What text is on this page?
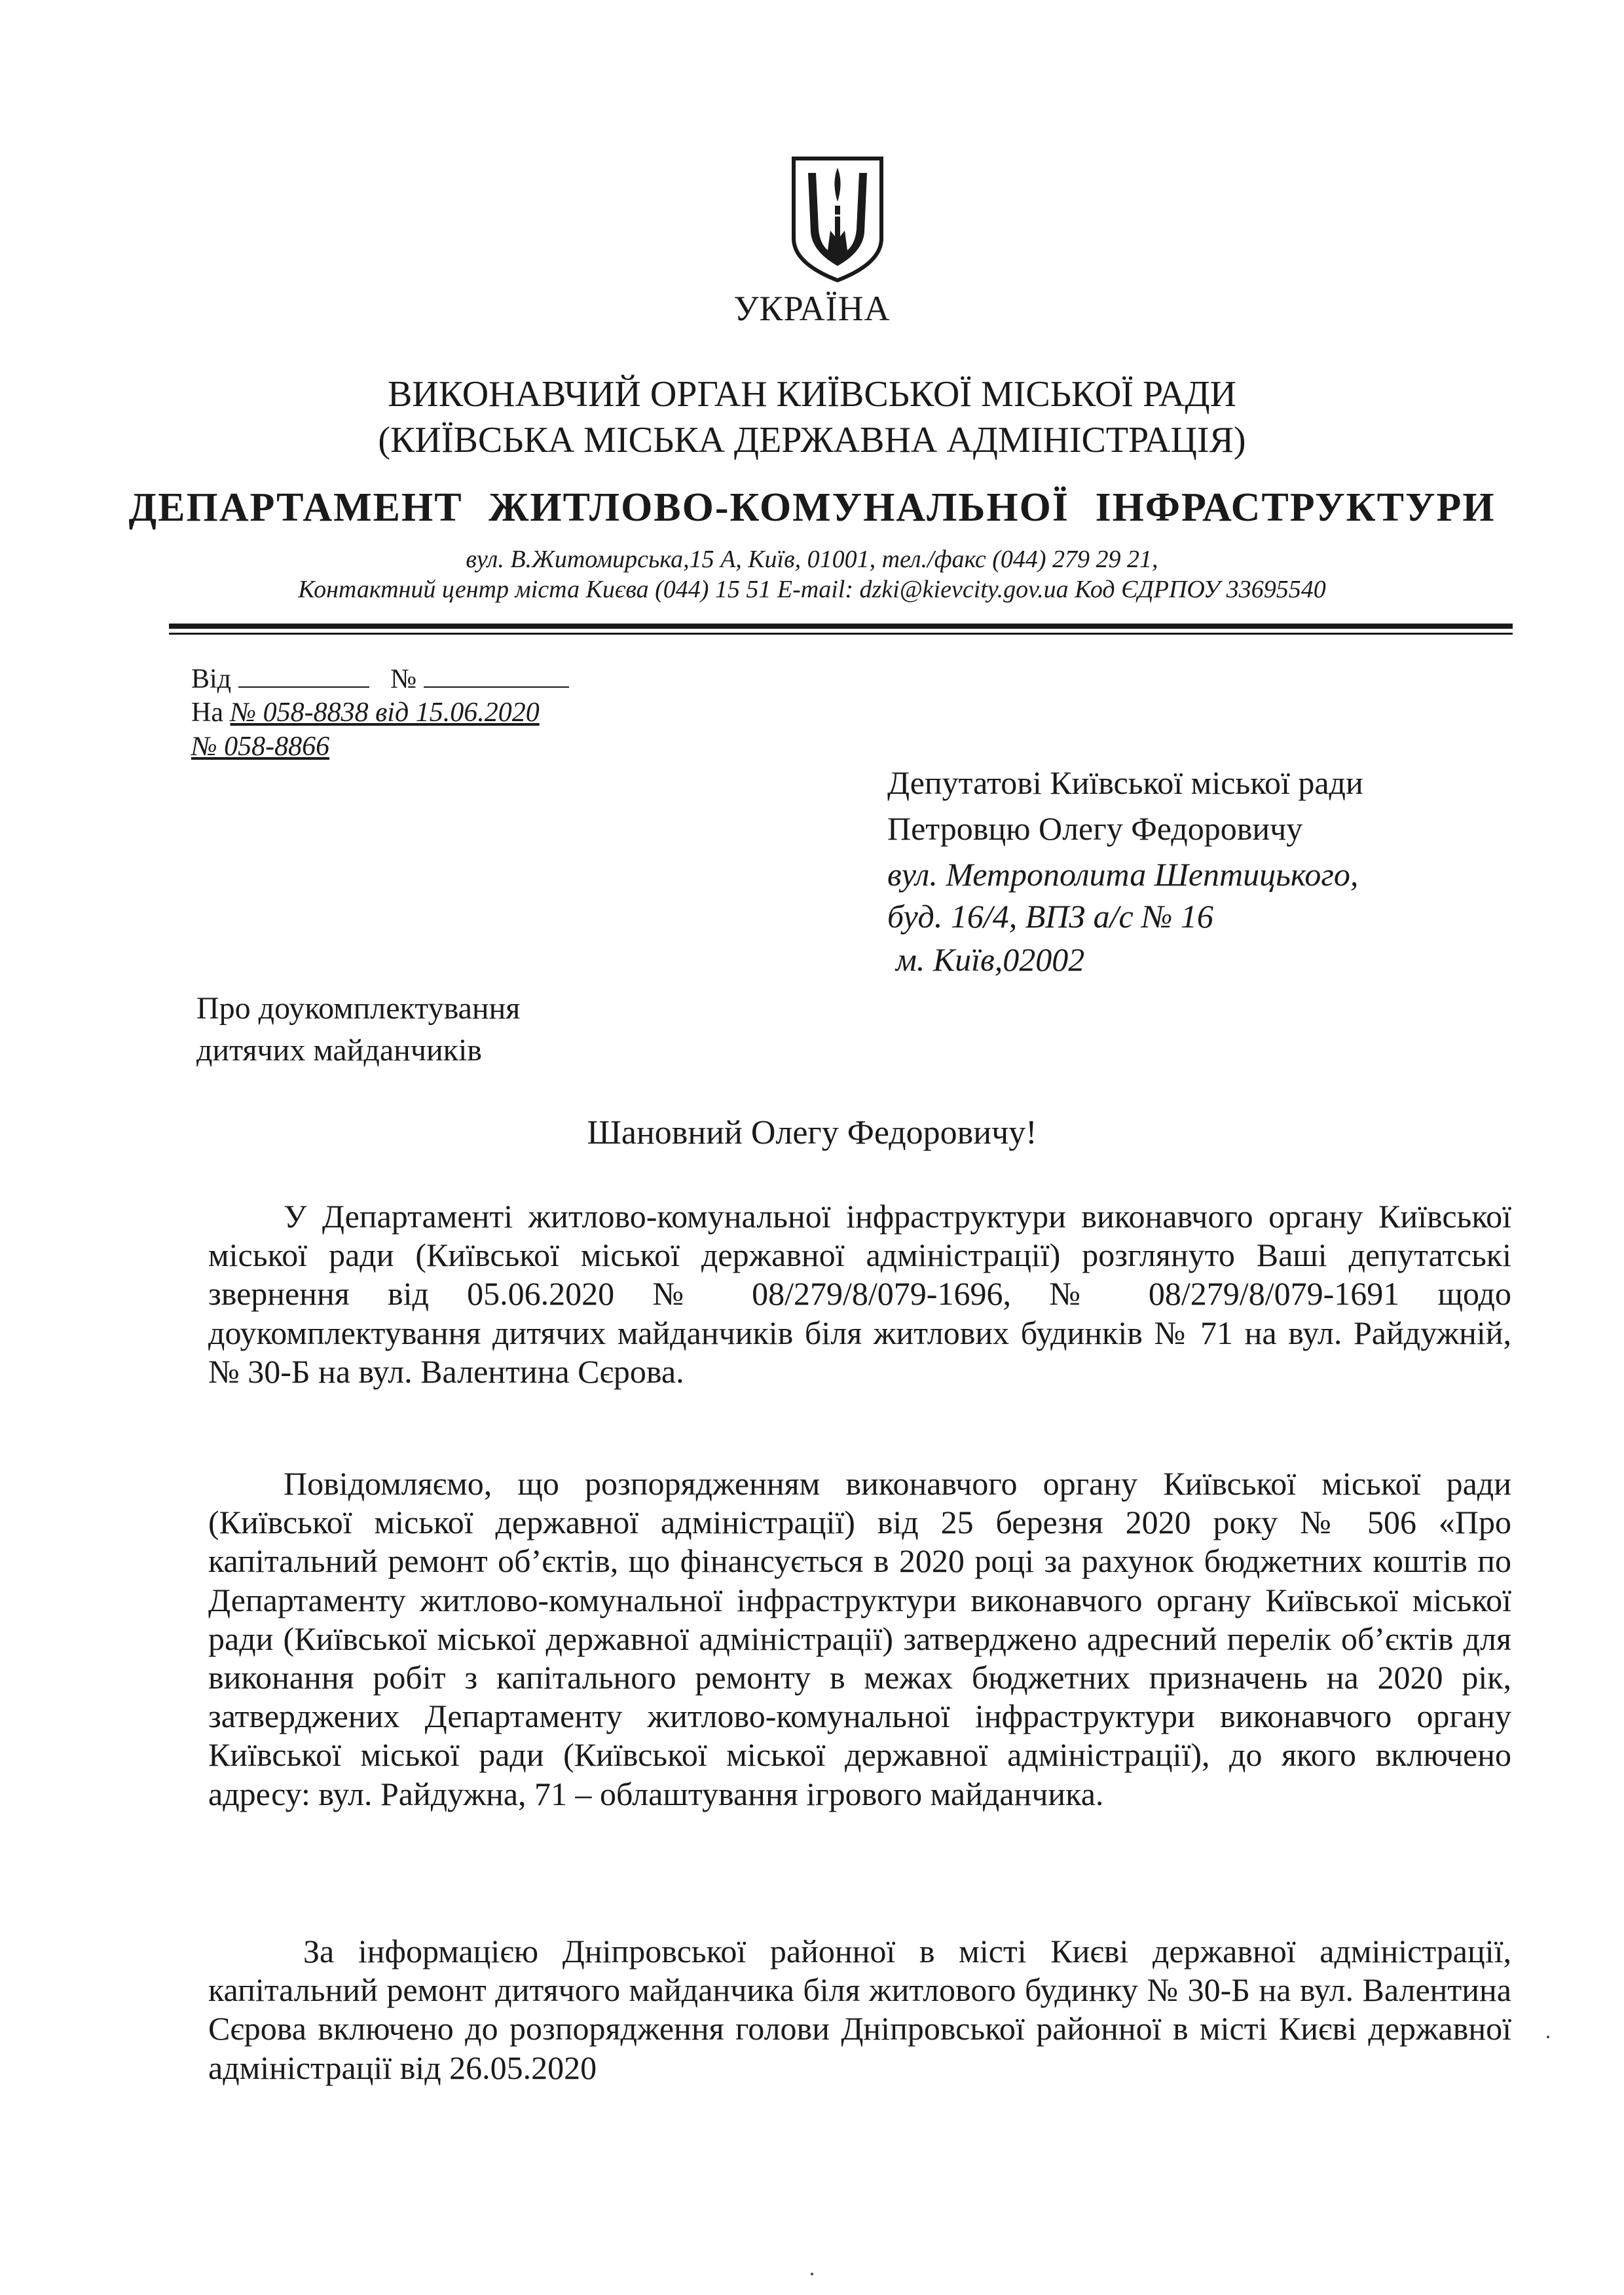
УКРАЇНА
ВИКОНАВЧИЙ ОРГАН КИЇВСЬКОЇ МІСЬКОЇ РАДИ
(КИЇВСЬКА МІСЬКА ДЕРЖАВНА АДМІНІСТРАЦІЯ)
ДЕПАРТАМЕНТ ЖИТЛОВО-КОМУНАЛЬНОЇ ІНФРАСТРУКТУРИ
вул. В.Житомирська,15 А, Київ, 01001, тел./факс (044) 279 29 21,
Контактний центр міста Києва (044) 15 51 E-mail: dzki@kievcity.gov.ua Код ЄДРПОУ 33695540
Від	№
На № 058-8838 від 15.06.2020
№ 058-8866
Депутатові Київської міської ради
Петровцю Олегу Федоровичу
вул. Метрополита Шептицького,
буд. 16/4, ВПЗ а/с № 16
м. Київ,02002
Про доукомплектування
дитячих майданчиків
Шановний Олегу Федоровичу!
У Департаменті житлово-комунальної інфраструктури виконавчого органу Київської міської ради (Київської міської державної адміністрації) розглянуто Ваші депутатські звернення від 05.06.2020 № 08/279/8/079-1696, № 08/279/8/079-1691 щодо доукомплектування дитячих майданчиків біля житлових будинків № 71 на вул. Райдужній, № 30-Б на вул. Валентина Сєрова.
Повідомляємо, що розпорядженням виконавчого органу Київської міської ради (Київської міської державної адміністрації) від 25 березня 2020 року № 506 «Про капітальний ремонт об’єктів, що фінансується в 2020 році за рахунок бюджетних коштів по Департаменту житлово-комунальної інфраструктури виконавчого органу Київської міської ради (Київської міської державної адміністрації) затверджено адресний перелік об’єктів для виконання робіт з капітального ремонту в межах бюджетних призначень на 2020 рік, затверджених Департаменту житлово-комунальної інфраструктури виконавчого органу Київської міської ради (Київської міської державної адміністрації), до якого включено адресу: вул. Райдужна, 71 – облаштування ігрового майданчика.
За інформацією Дніпровської районної в місті Києві державної адміністрації, капітальний ремонт дитячого майданчика біля житлового будинку № 30-Б на вул. Валентина Сєрова включено до розпорядження голови Дніпровської районної в місті Києві державної адміністрації від 26.05.2020
